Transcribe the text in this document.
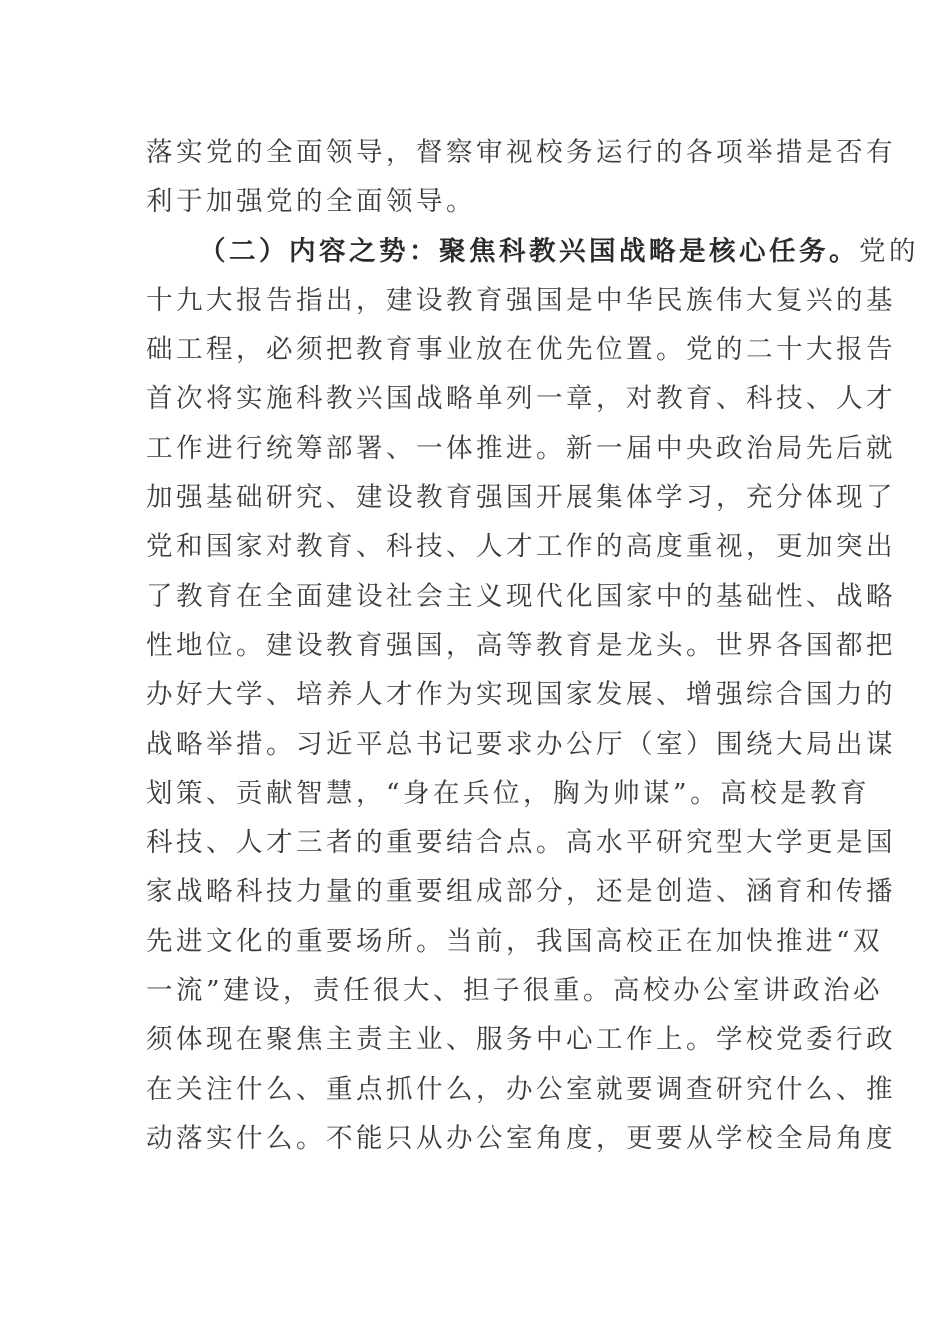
落实党的全面领导，督察审视校务运行的各项举措是否有
利于加强党的全面领导。
（二）内容之势：聚焦科教兴国战略是核心任务。党的
十九大报告指出，建设教育强国是中华民族伟大复兴的基
础工程，必须把教育事业放在优先位置。党的二十大报告
首次将实施科教兴国战略单列一章，对教育、科技、人才
工作进行统筹部署、一体推进。新一届中央政治局先后就
加强基础研究、建设教育强国开展集体学习，充分体现了
党和国家对教育、科技、人才工作的高度重视，更加突出
了教育在全面建设社会主义现代化国家中的基础性、战略
性地位。建设教育强国，高等教育是龙头。世界各国都把
办好大学、培养人才作为实现国家发展、增强综合国力的
战略举措。习近平总书记要求办公厅（室）围绕大局出谋
划策、贡献智慧，“身在兵位，胸为帅谋”。高校是教育
科技、人才三者的重要结合点。高水平研究型大学更是国
家战略科技力量的重要组成部分，还是创造、涵育和传播
先进文化的重要场所。当前，我国高校正在加快推进“双
一流”建设，责任很大、担子很重。高校办公室讲政治必
须体现在聚焦主责主业、服务中心工作上。学校党委行政
在关注什么、重点抓什么，办公室就要调查研究什么、推
动落实什么。不能只从办公室角度，更要从学校全局角度
